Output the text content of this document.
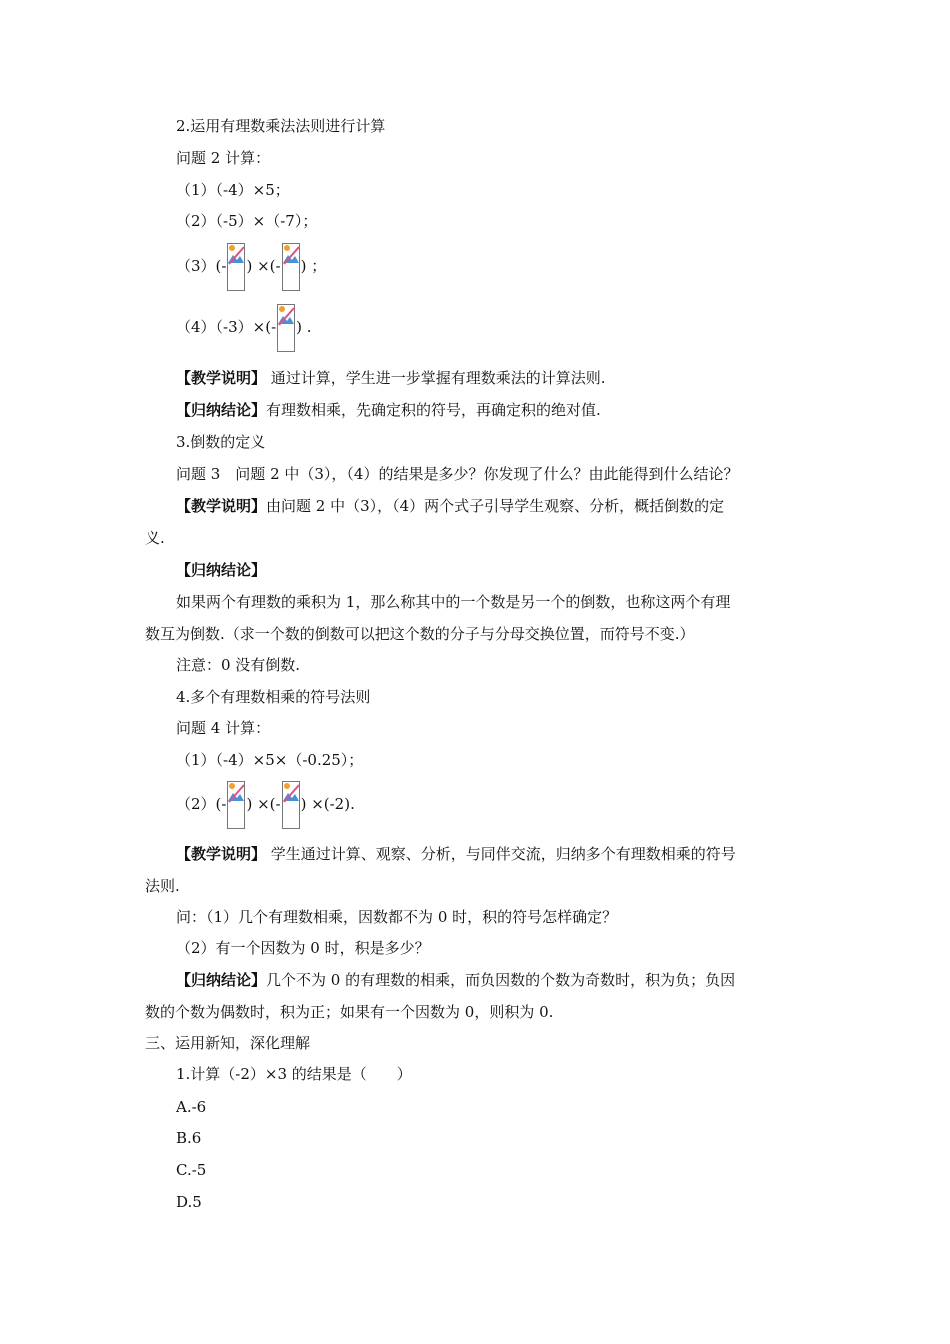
2.运用有理数乘法法则进行计算
问题 2 计算：
（1）（-4）×5；
（2）（-5）×（-7）；
（3）(- ) ×(- ) ；
（4）（-3）×(- ) .
【教学说明】 通过计算，学生进一步掌握有理数乘法的计算法则.
【归纳结论】有理数相乘，先确定积的符号，再确定积的绝对值.
3.倒数的定义
问题 3　问题 2 中（3），（4）的结果是多少？你发现了什么？由此能得到什么结论？
【教学说明】由问题 2 中（3），（4）两个式子引导学生观察、分析，概括倒数的定
义.
【归纳结论】
如果两个有理数的乘积为 1，那么称其中的一个数是另一个的倒数，也称这两个有理
数互为倒数.（求一个数的倒数可以把这个数的分子与分母交换位置，而符号不变.）
注意：0 没有倒数.
4.多个有理数相乘的符号法则
问题 4 计算：
（1）（-4）×5×（-0.25）；
（2）(- ) ×(- ) ×(-2).
【教学说明】 学生通过计算、观察、分析，与同伴交流，归纳多个有理数相乘的符号
法则.
问：（1）几个有理数相乘，因数都不为 0 时，积的符号怎样确定？
（2）有一个因数为 0 时，积是多少？
【归纳结论】几个不为 0 的有理数的相乘，而负因数的个数为奇数时，积为负；负因
数的个数为偶数时，积为正；如果有一个因数为 0，则积为 0.
三、运用新知，深化理解
1.计算（-2）×3 的结果是（　　）
A.-6
B.6
C.-5
D.5
